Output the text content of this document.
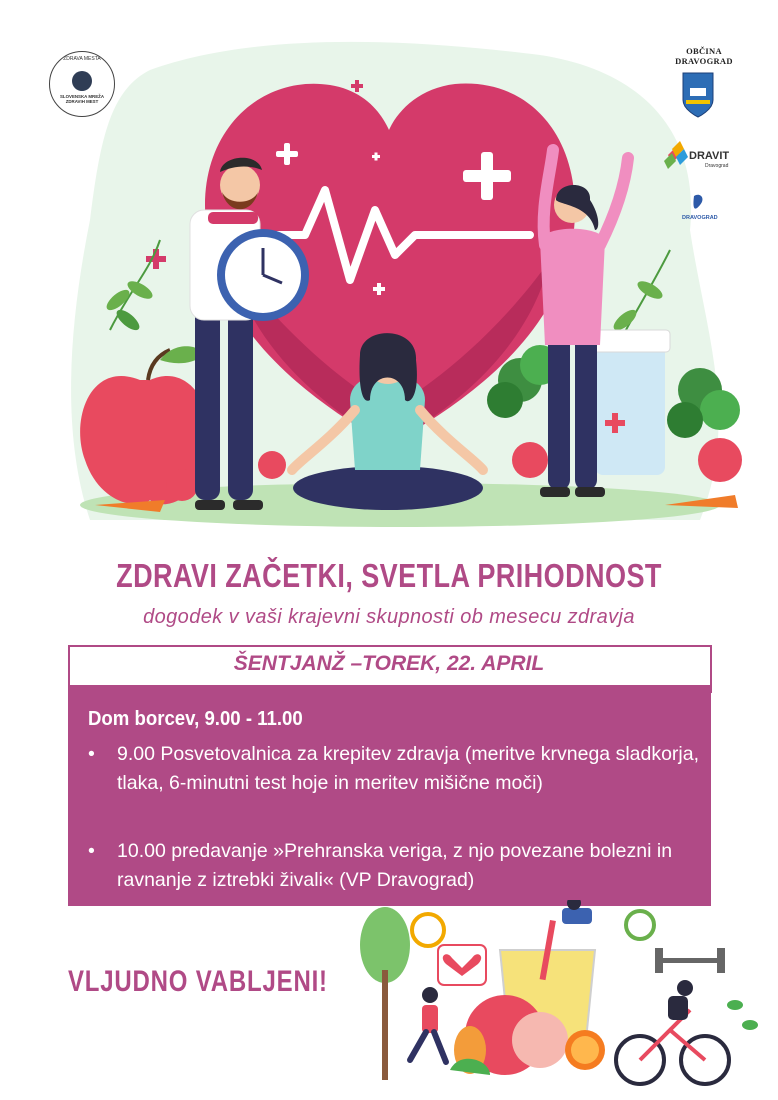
ZDRAVA MESTA
SLOVENSKA MREŽA ZDRAVIH MEST
OBČINA
DRAVOGRAD
DRAVIT
Dravograd
DRAVOGRAD
ZDRAVI ZAČETKI, SVETLA PRIHODNOST
dogodek v vaši krajevni skupnosti ob mesecu zdravja
ŠENTJANŽ –TOREK, 22. APRIL
Dom borcev, 9.00 - 11.00
• 9.00 Posvetovalnica za krepitev zdravja (meritve krvnega sladkorja, tlaka, 6-minutni test hoje in meritev mišične moči)
• 10.00 predavanje »Prehranska veriga, z njo povezane bolezni in ravnanje z iztrebki živali« (VP Dravograd)
VLJUDNO VABLJENI!
